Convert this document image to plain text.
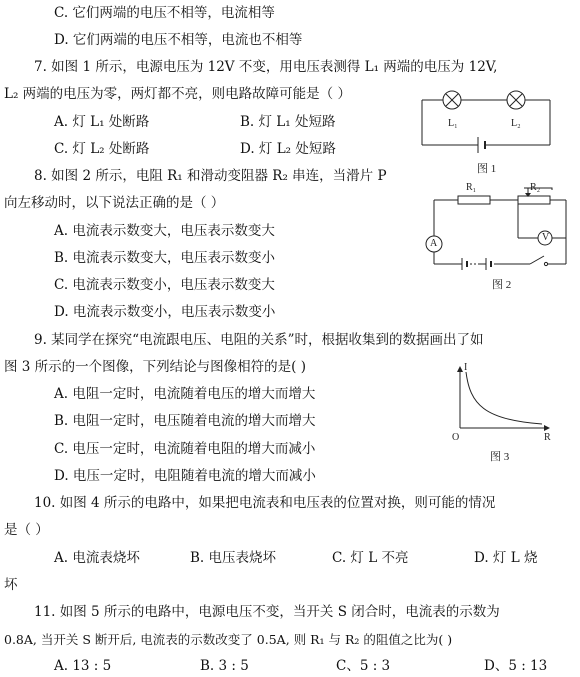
C. 它们两端的电压不相等，电流相等
D. 它们两端的电压不相等，电流也不相等
7. 如图 1 所示，电源电压为 12V 不变，用电压表测得 L₁ 两端的电压为 12V,
L₂ 两端的电压为零，两灯都不亮，则电路故障可能是（ ）
A. 灯 L₁ 处断路	B. 灯 L₁ 处短路
C. 灯 L₂ 处断路	D. 灯 L₂ 处短路
8. 如图 2 所示，电阻 R₁ 和滑动变阻器 R₂ 串连，当滑片 P
向左移动时，以下说法正确的是（ ）
A. 电流表示数变大，电压表示数变大
B. 电流表示数变大，电压表示数变小
C. 电流表示数变小，电压表示数变大
D. 电流表示数变小，电压表示数变小
9. 某同学在探究“电流跟电压、电阻的关系”时，根据收集到的数据画出了如
图 3 所示的一个图像，下列结论与图像相符的是( )
A. 电阻一定时，电流随着电压的增大而增大
B. 电阻一定时，电压随着电流的增大而增大
C. 电压一定时，电流随着电阻的增大而减小
D. 电压一定时，电阻随着电流的增大而减小
10. 如图 4 所示的电路中，如果把电流表和电压表的位置对换，则可能的情况
是（ ）
A. 电流表烧坏	B. 电压表烧坏	C. 灯 L 不亮	D. 灯 L 烧
坏
11. 如图 5 所示的电路中，电源电压不变，当开关 S 闭合时，电流表的示数为
0.8A, 当开关 S 断开后, 电流表的示数改变了 0.5A, 则 R₁ 与 R₂ 的阻值之比为( )
A. 13 : 5	B. 3 : 5	C、5 : 3	D、5 : 13
L₁	L₂
图 1
R₁	R₂
A
V
图 2
I
R
O
图 3
